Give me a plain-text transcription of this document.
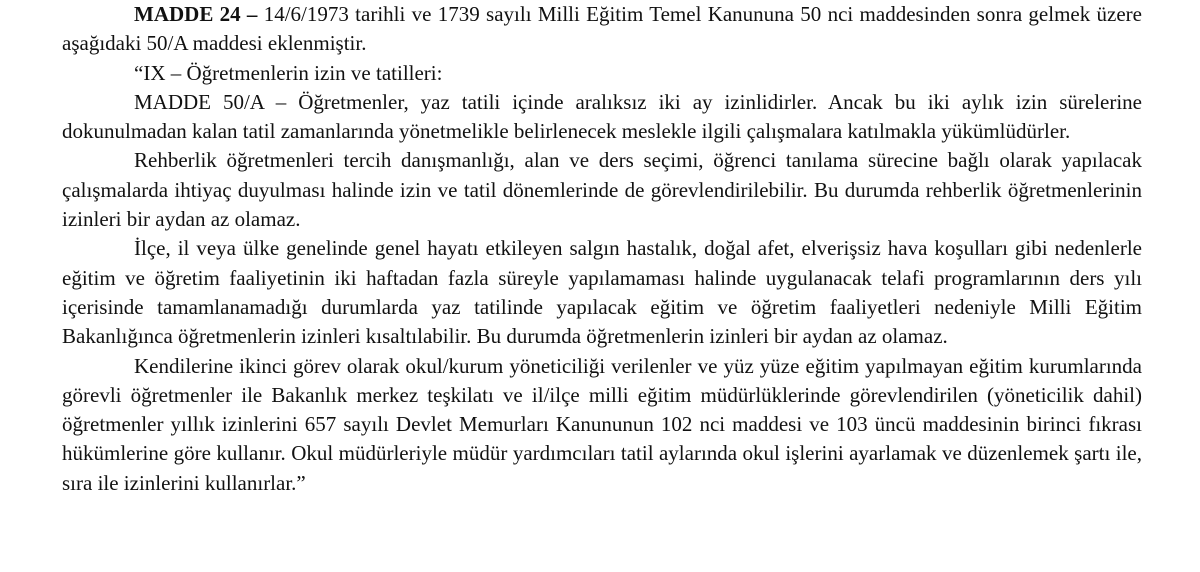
MADDE 24 – 14/6/1973 tarihli ve 1739 sayılı Milli Eğitim Temel Kanununa 50 nci maddesinden sonra gelmek üzere aşağıdaki 50/A maddesi eklenmiştir.

“IX – Öğretmenlerin izin ve tatilleri:

MADDE 50/A – Öğretmenler, yaz tatili içinde aralıksız iki ay izinlidirler. Ancak bu iki aylık izin sürelerine dokunulmadan kalan tatil zamanlarında yönetmelikle belirlenecek meslekle ilgili çalışmalara katılmakla yükümlüdürler.

Rehberlik öğretmenleri tercih danışmanlığı, alan ve ders seçimi, öğrenci tanılama sürecine bağlı olarak yapılacak çalışmalarda ihtiyaç duyulması halinde izin ve tatil dönemlerinde de görevlendirilebilir. Bu durumda rehberlik öğretmenlerinin izinleri bir aydan az olamaz.

İlçe, il veya ülke genelinde genel hayatı etkileyen salgın hastalık, doğal afet, elverişsiz hava koşulları gibi nedenlerle eğitim ve öğretim faaliyetinin iki haftadan fazla süreyle yapılamaması halinde uygulanacak telafi programlarının ders yılı içerisinde tamamlanamadığı durumlarda yaz tatilinde yapılacak eğitim ve öğretim faaliyetleri nedeniyle Milli Eğitim Bakanlığınca öğretmenlerin izinleri kısaltılabilir. Bu durumda öğretmenlerin izinleri bir aydan az olamaz.

Kendilerine ikinci görev olarak okul/kurum yöneticiliği verilenler ve yüz yüze eğitim yapılmayan eğitim kurumlarında görevli öğretmenler ile Bakanlık merkez teşkilatı ve il/ilçe milli eğitim müdürlüklerinde görevlendirilen (yöneticilik dahil) öğretmenler yıllık izinlerini 657 sayılı Devlet Memurları Kanununun 102 nci maddesi ve 103 üncü maddesinin birinci fıkrası hükümlerine göre kullanır. Okul müdürleriyle müdür yardımcıları tatil aylarında okul işlerini ayarlamak ve düzenlemek şartı ile, sıra ile izinlerini kullanırlar.”
